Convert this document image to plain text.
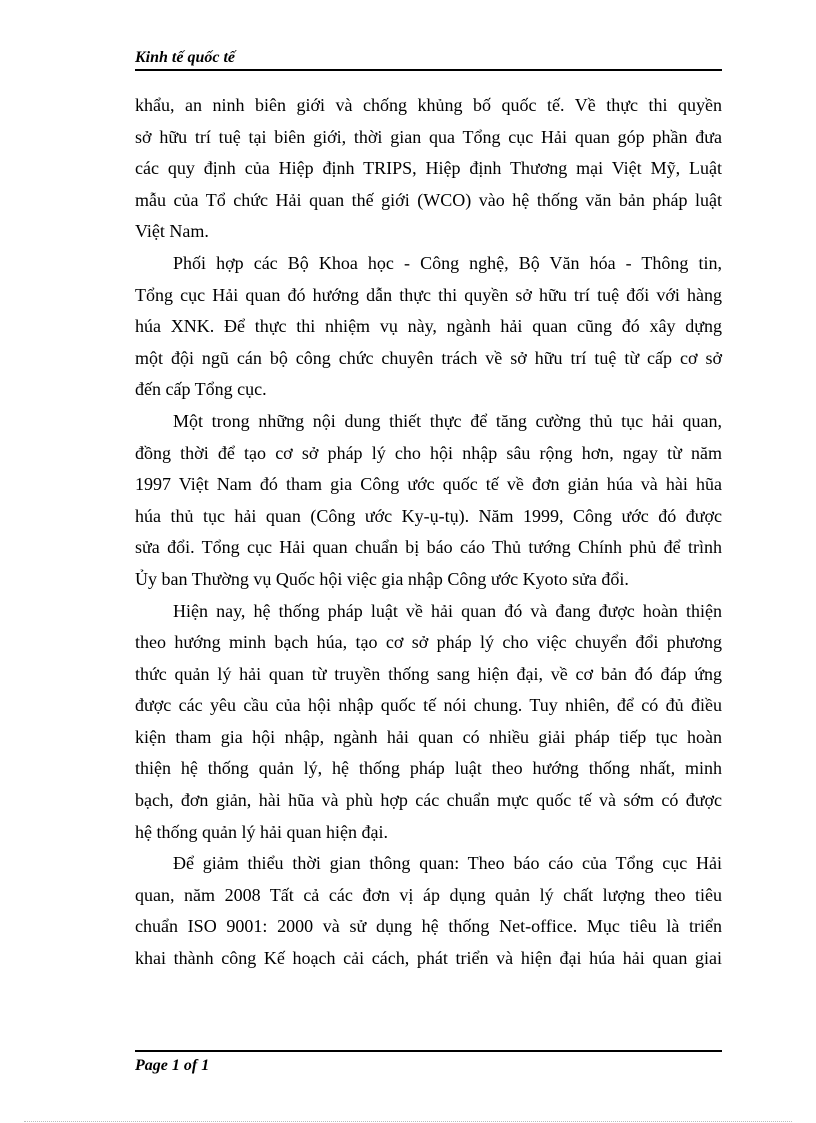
Kinh tế quốc tế

khẩu, an ninh biên giới và chống khủng bố quốc tế. Về thực thi quyền
sở hữu trí tuệ tại biên giới, thời gian qua Tổng cục Hải quan góp phần đưa
các quy định của Hiệp định TRIPS, Hiệp định Thương mại Việt Mỹ, Luật
mẫu của Tổ chức Hải quan thế giới (WCO) vào hệ thống văn bản pháp luật
Việt Nam.

Phối hợp các Bộ Khoa học - Công nghệ, Bộ Văn hóa - Thông tin,
Tổng cục Hải quan đó hướng dẫn thực thi quyền sở hữu trí tuệ đối với hàng
húa XNK. Để thực thi nhiệm vụ này, ngành hải quan cũng đó xây dựng
một đội ngũ cán bộ công chức chuyên trách về sở hữu trí tuệ từ cấp cơ sở
đến cấp Tổng cục.

Một trong những nội dung thiết thực để tăng cường thủ tục hải quan,
đồng thời để tạo cơ sở pháp lý cho hội nhập sâu rộng hơn, ngay từ năm
1997 Việt Nam đó tham gia Công ước quốc tế về đơn giản húa và hài hũa
húa thủ tục hải quan (Công ước Ky-ụ-tụ). Năm 1999, Công ước đó được
sửa đổi. Tổng cục Hải quan chuẩn bị báo cáo Thủ tướng Chính phủ để trình
Ủy ban Thường vụ Quốc hội việc gia nhập Công ước Kyoto sửa đổi.

Hiện nay, hệ thống pháp luật về hải quan đó và đang được hoàn thiện
theo hướng minh bạch húa, tạo cơ sở pháp lý cho việc chuyển đổi phương
thức quản lý hải quan từ truyền thống sang hiện đại, về cơ bản đó đáp ứng
được các yêu cầu của hội nhập quốc tế nói chung. Tuy nhiên, để có đủ điều
kiện tham gia hội nhập, ngành hải quan có nhiều giải pháp tiếp tục hoàn
thiện hệ thống quản lý, hệ thống pháp luật theo hướng thống nhất, minh
bạch, đơn giản, hài hũa và phù hợp các chuẩn mực quốc tế và sớm có được
hệ thống quản lý hải quan hiện đại.

Để giảm thiểu thời gian thông quan: Theo báo cáo của Tổng cục Hải
quan, năm 2008 Tất cả các đơn vị áp dụng quản lý chất lượng theo tiêu
chuẩn ISO 9001: 2000 và sử dụng hệ thống Net-office. Mục tiêu là triển
khai thành công Kế hoạch cải cách, phát triển và hiện đại húa hải quan giai

Page 1 of 1
